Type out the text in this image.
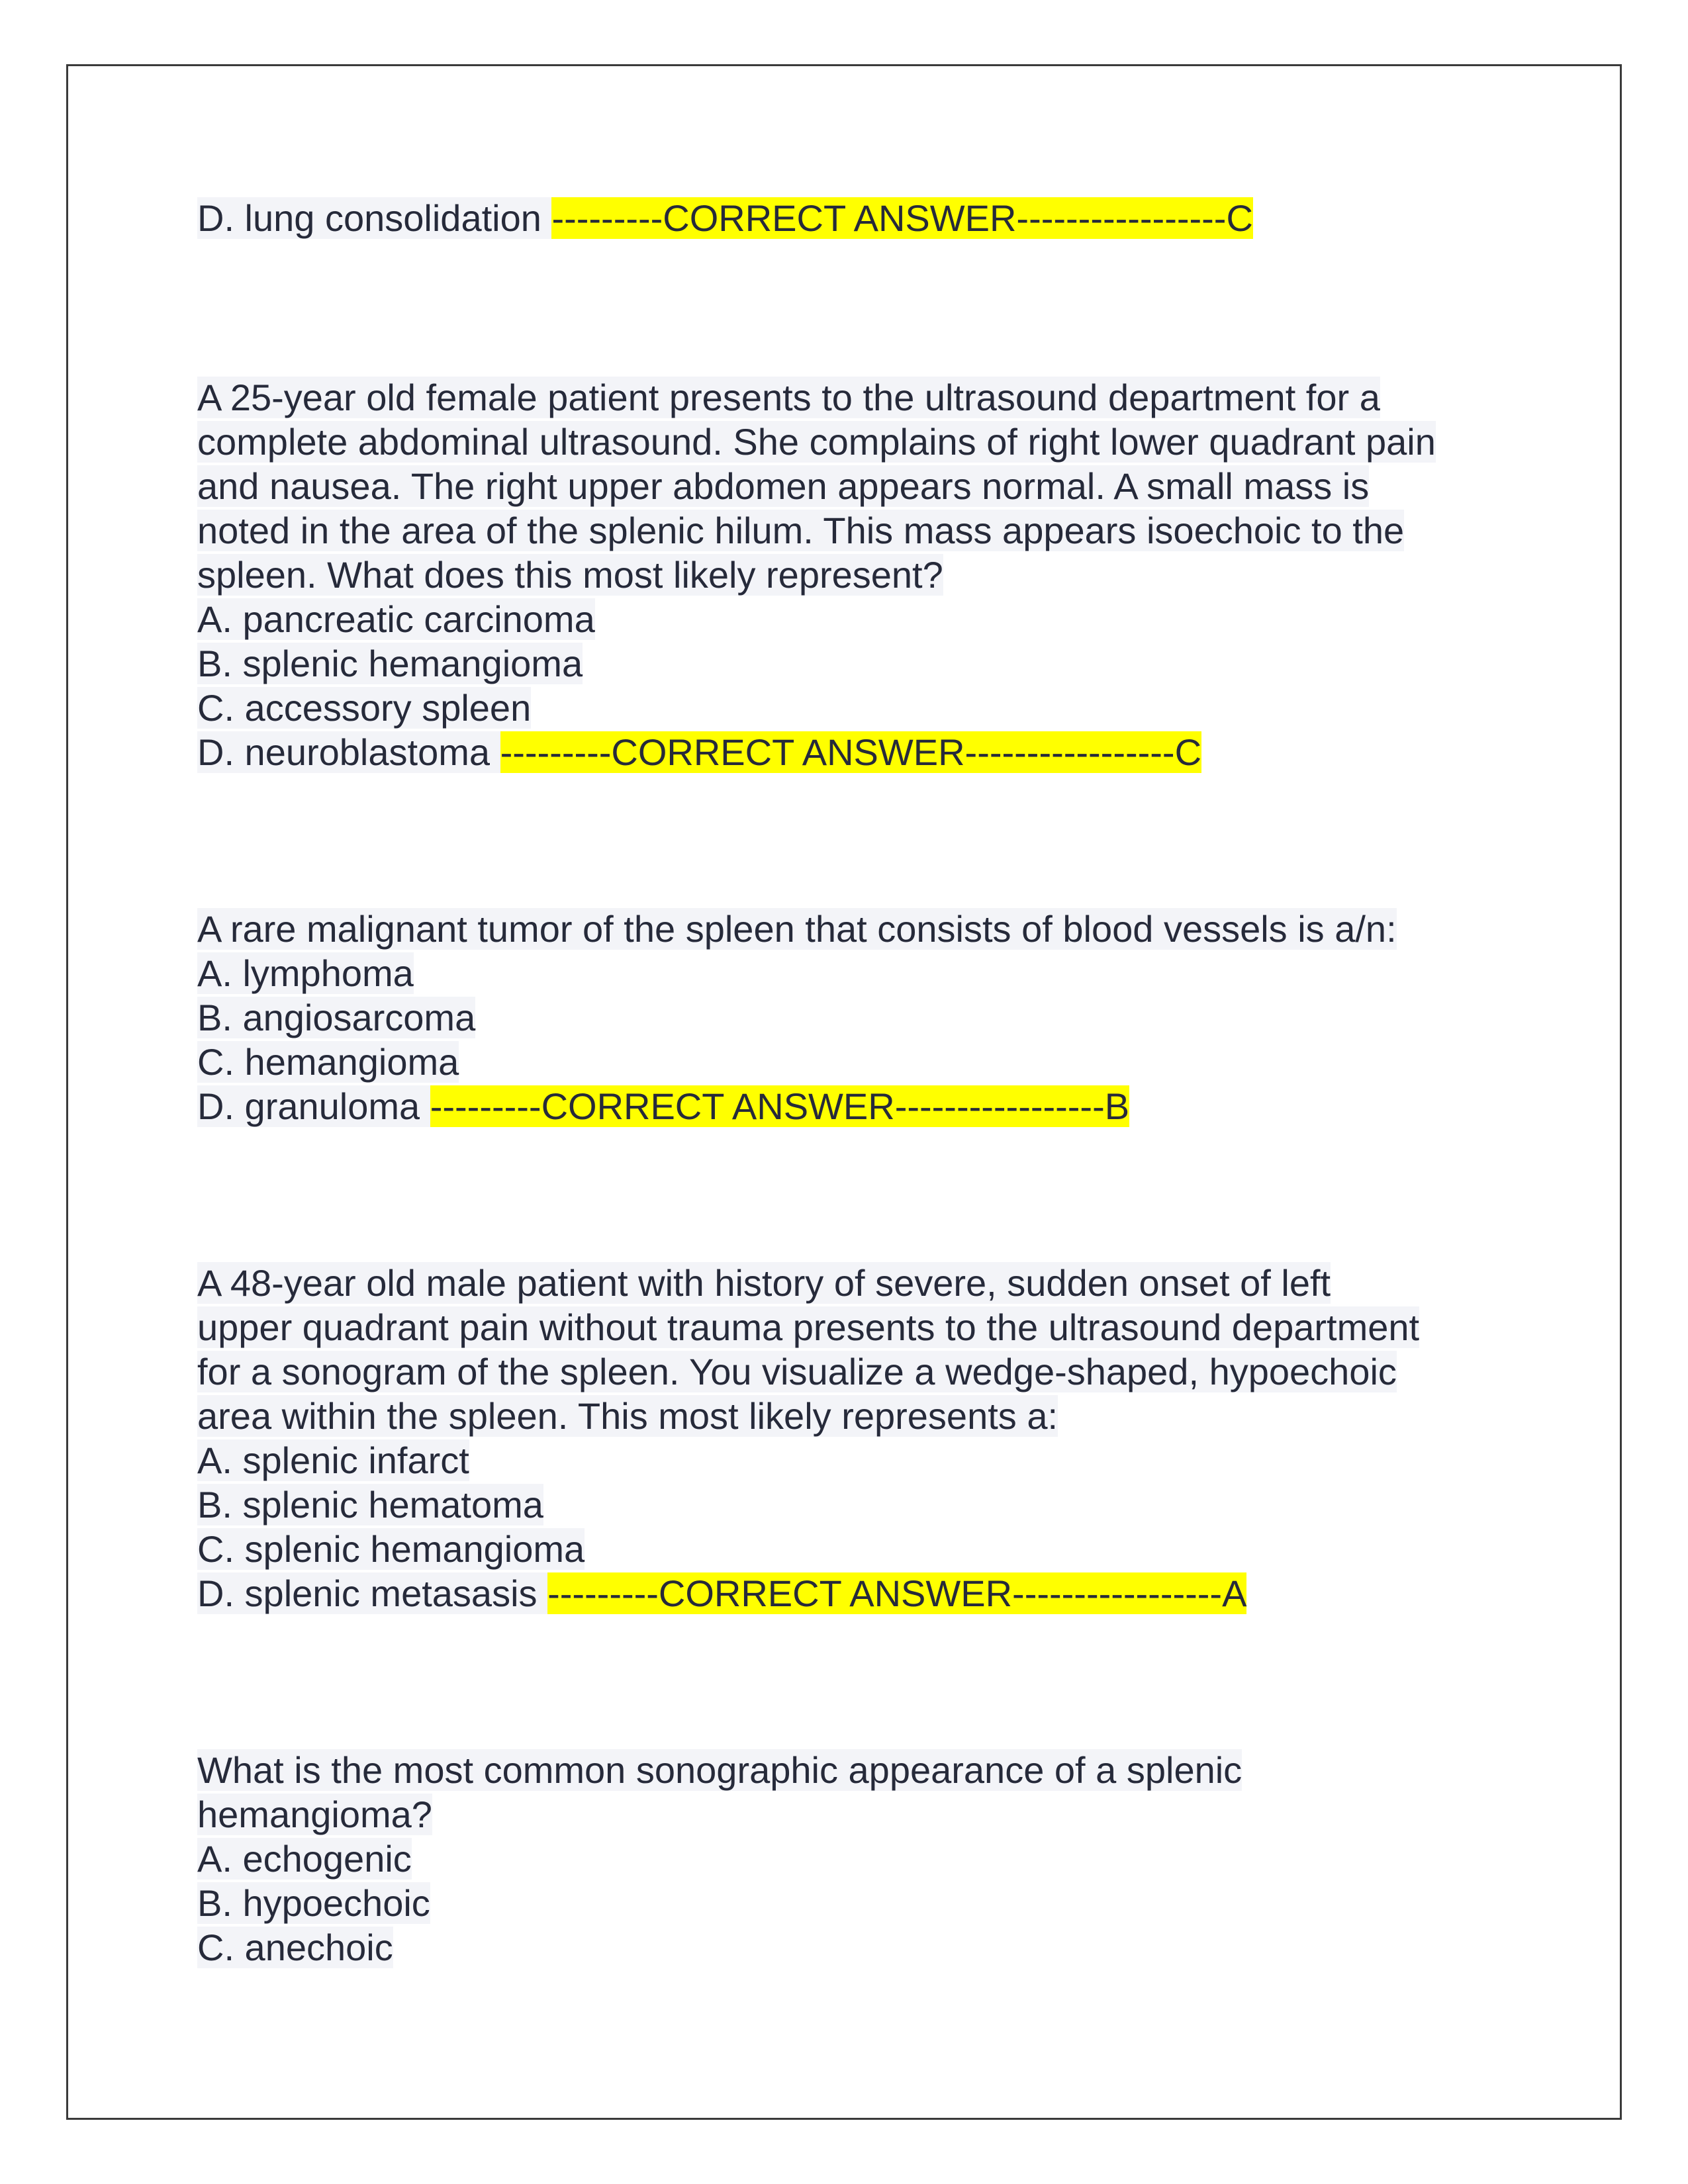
D. lung consolidation ---------CORRECT ANSWER-----------------C

A 25-year old female patient presents to the ultrasound department for a

complete abdominal ultrasound. She complains of right lower quadrant pain

and nausea. The right upper abdomen appears normal. A small mass is

noted in the area of the splenic hilum. This mass appears isoechoic to the

spleen. What does this most likely represent?

A. pancreatic carcinoma

B. splenic hemangioma

C. accessory spleen

D. neuroblastoma ---------CORRECT ANSWER-----------------C

A rare malignant tumor of the spleen that consists of blood vessels is a/n:

A. lymphoma

B. angiosarcoma

C. hemangioma

D. granuloma ---------CORRECT ANSWER-----------------B

A 48-year old male patient with history of severe, sudden onset of left

upper quadrant pain without trauma presents to the ultrasound department

for a sonogram of the spleen. You visualize a wedge-shaped, hypoechoic

area within the spleen. This most likely represents a:

A. splenic infarct

B. splenic hematoma

C. splenic hemangioma

D. splenic metasasis ---------CORRECT ANSWER-----------------A

What is the most common sonographic appearance of a splenic

hemangioma?

A. echogenic

B. hypoechoic

C. anechoic
